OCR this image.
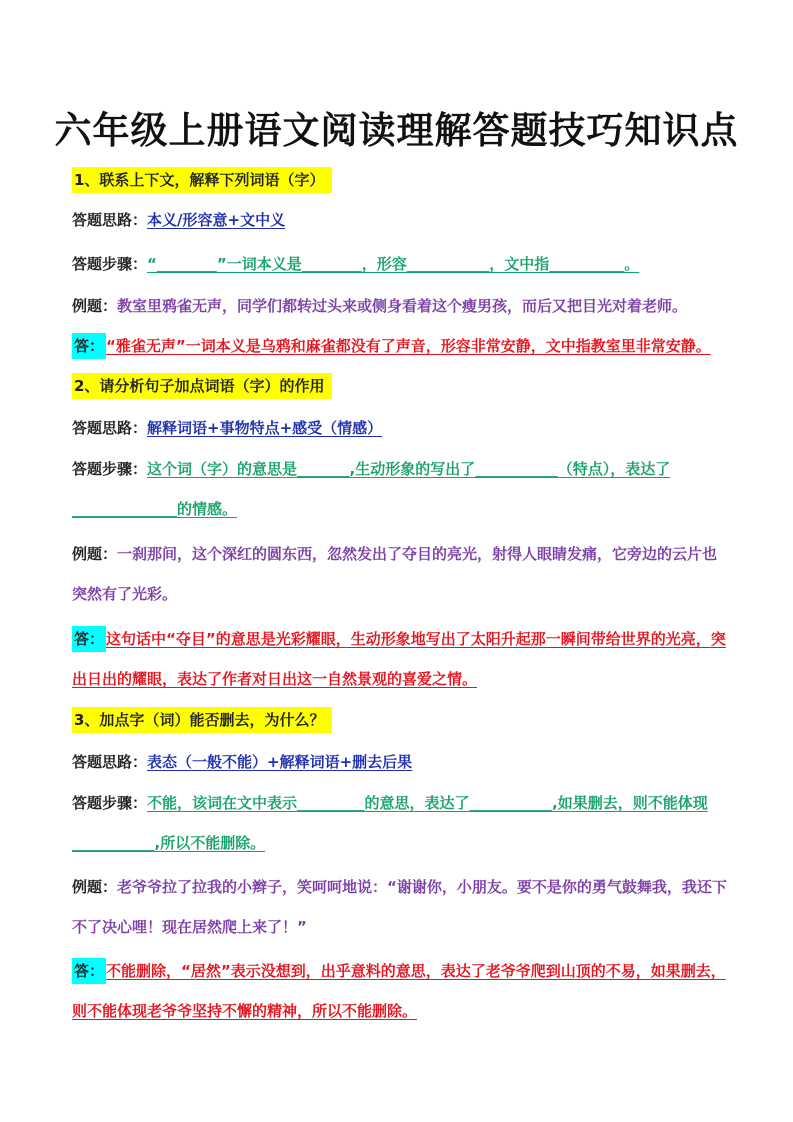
六年级上册语文阅读理解答题技巧知识点
1、联系上下文，解释下列词语（字）
答题思路：本义/形容意+文中义
答题步骤：“________”一词本义是________，形容___________，文中指__________。
例题：教室里鸦雀无声，同学们都转过头来或侧身看着这个瘦男孩，而后又把目光对着老师。
答： “雅雀无声”一词本义是乌鸦和麻雀都没有了声音，形容非常安静，文中指教室里非常安静。
2、请分析句子加点词语（字）的作用
答题思路：解释词语+事物特点+感受（情感）
答题步骤：这个词（字）的意思是_______,生动形象的写出了___________（特点），表达了______________的情感。
例题：一刹那间，这个深红的圆东西，忽然发出了夺目的亮光，射得人眼睛发痛，它旁边的云片也突然有了光彩。
答： 这句话中“夺目”的意思是光彩耀眼，生动形象地写出了太阳升起那一瞬间带给世界的光亮，突出日出的耀眼，表达了作者对日出这一自然景观的喜爱之情。
3、加点字（词）能否删去，为什么？
答题思路：表态（一般不能）+解释词语+删去后果
答题步骤：不能，该词在文中表示_________的意思，表达了___________,如果删去，则不能体现___________,所以不能删除。
例题：老爷爷拉了拉我的小辫子，笑呵呵地说：“谢谢你，小朋友。要不是你的勇气鼓舞我，我还下不了决心哩！现在居然爬上来了！”
答： 不能删除，“居然”表示没想到，出乎意料的意思，表达了老爷爷爬到山顶的不易，如果删去，则不能体现老爷爷坚持不懈的精神，所以不能删除。
